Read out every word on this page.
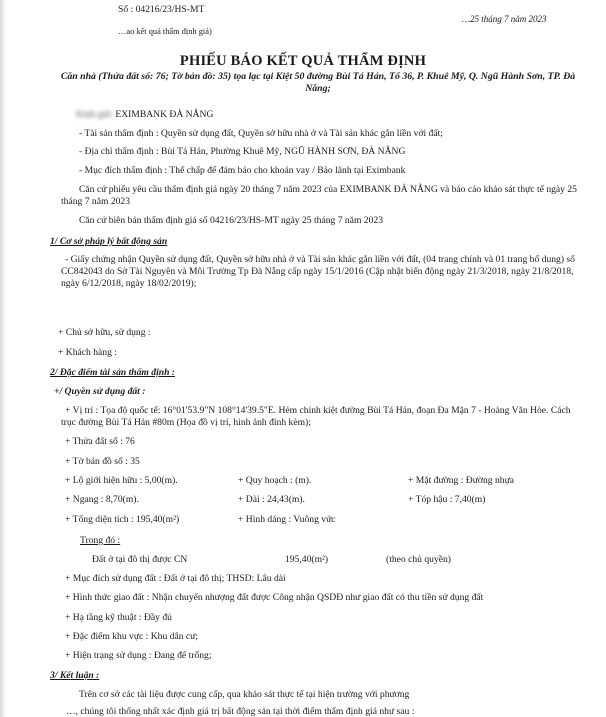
Số : 04216/23/HS-MT
…ao kết quả thẩm định giá)
…25 tháng 7 năm 2023
PHIẾU BÁO KẾT QUẢ THẨM ĐỊNH
Căn nhà (Thửa đất số: 76; Tờ bản đồ: 35) tọa lạc tại Kiệt 50 đường Bùi Tá Hán, Tổ 36, P. Khuê Mỹ, Q. Ngũ Hành Sơn, TP. Đà Nẵng;
Kính gửi: EXIMBANK ĐÀ NẴNG
- Tài sản thẩm định : Quyền sử dụng đất, Quyền sở hữu nhà ở và Tài sản khác gắn liền với đất;
- Địa chỉ thẩm định : Bùi Tá Hán, Phường Khuê Mỹ, NGŨ HÀNH SƠN, ĐÀ NẴNG
- Mục đích thẩm định : Thế chấp để đảm bảo cho khoản vay / Bảo lãnh tại Eximbank
Căn cứ phiếu yêu cầu thẩm định giá ngày 20 tháng 7 năm 2023 của EXIMBANK ĐÀ NẴNG và báo cáo khảo sát thực tế ngày 25 tháng 7 năm 2023
Căn cứ biên bản thẩm định giá số 04216/23/HS-MT ngày 25 tháng 7 năm 2023
1/ Cơ sở pháp lý bất động sản
- Giấy chứng nhận Quyền sử dụng đất, Quyền sở hữu nhà ở và Tài sản khác gắn liền với đất, (04 trang chính và 01 trang bổ dung) số CC842043 do Sở Tài Nguyên và Môi Trường Tp Đà Nẵng cấp ngày 15/1/2016 (Cập nhật biến động ngày 21/3/2018, ngày 21/8/2018, ngày 6/12/2018, ngày 18/02/2019);
+ Chủ sở hữu, sử dụng :
+ Khách hàng :
2/ Đặc điểm tài sản thẩm định :
+/ Quyền sử dụng đất :
+ Vị trí : Tọa độ quốc tế: 16°01'53.9"N 108°14'39.5"E. Hẻm chính kiệt đường Bùi Tá Hán, đoạn Đa Mặn 7 - Hoàng Văn Hòe. Cách trục đường Bùi Tá Hán #80m (Họa đồ vị trí, hình ảnh đính kèm);
+ Thửa đất số : 76
+ Tờ bản đồ số : 35
+ Lộ giới hiện hữu : 5,00(m).	+ Quy hoạch : (m).	+ Mặt đường : Đường nhựa
+ Ngang : 8,70(m).	+ Dài : 24,43(m).	+ Tóp hậu : 7,40(m)
+ Tổng diện tích : 195,40(m²)	+ Hình dáng : Vuông vức
Trong đó :
Đất ở tại đô thị được CN	195,40(m²)	(theo chủ quyền)
+ Mục đích sử dụng đất : Đất ở tại đô thị; THSD: Lâu dài
+ Hình thức giao đất : Nhận chuyển nhượng đất được Công nhận QSDĐ như giao đất có thu tiền sử dụng đất
+ Hạ tầng kỹ thuật : Đầy đủ
+ Đặc điểm khu vực : Khu dân cư;
+ Hiện trạng sử dụng : Đang để trống;
3/ Kết luận :
Trên cơ sở các tài liệu được cung cấp, qua khảo sát thực tế tại hiện trường với phương
…, chúng tôi thống nhất xác định giá trị bất động sản tại thời điểm thẩm định giá như sau :
